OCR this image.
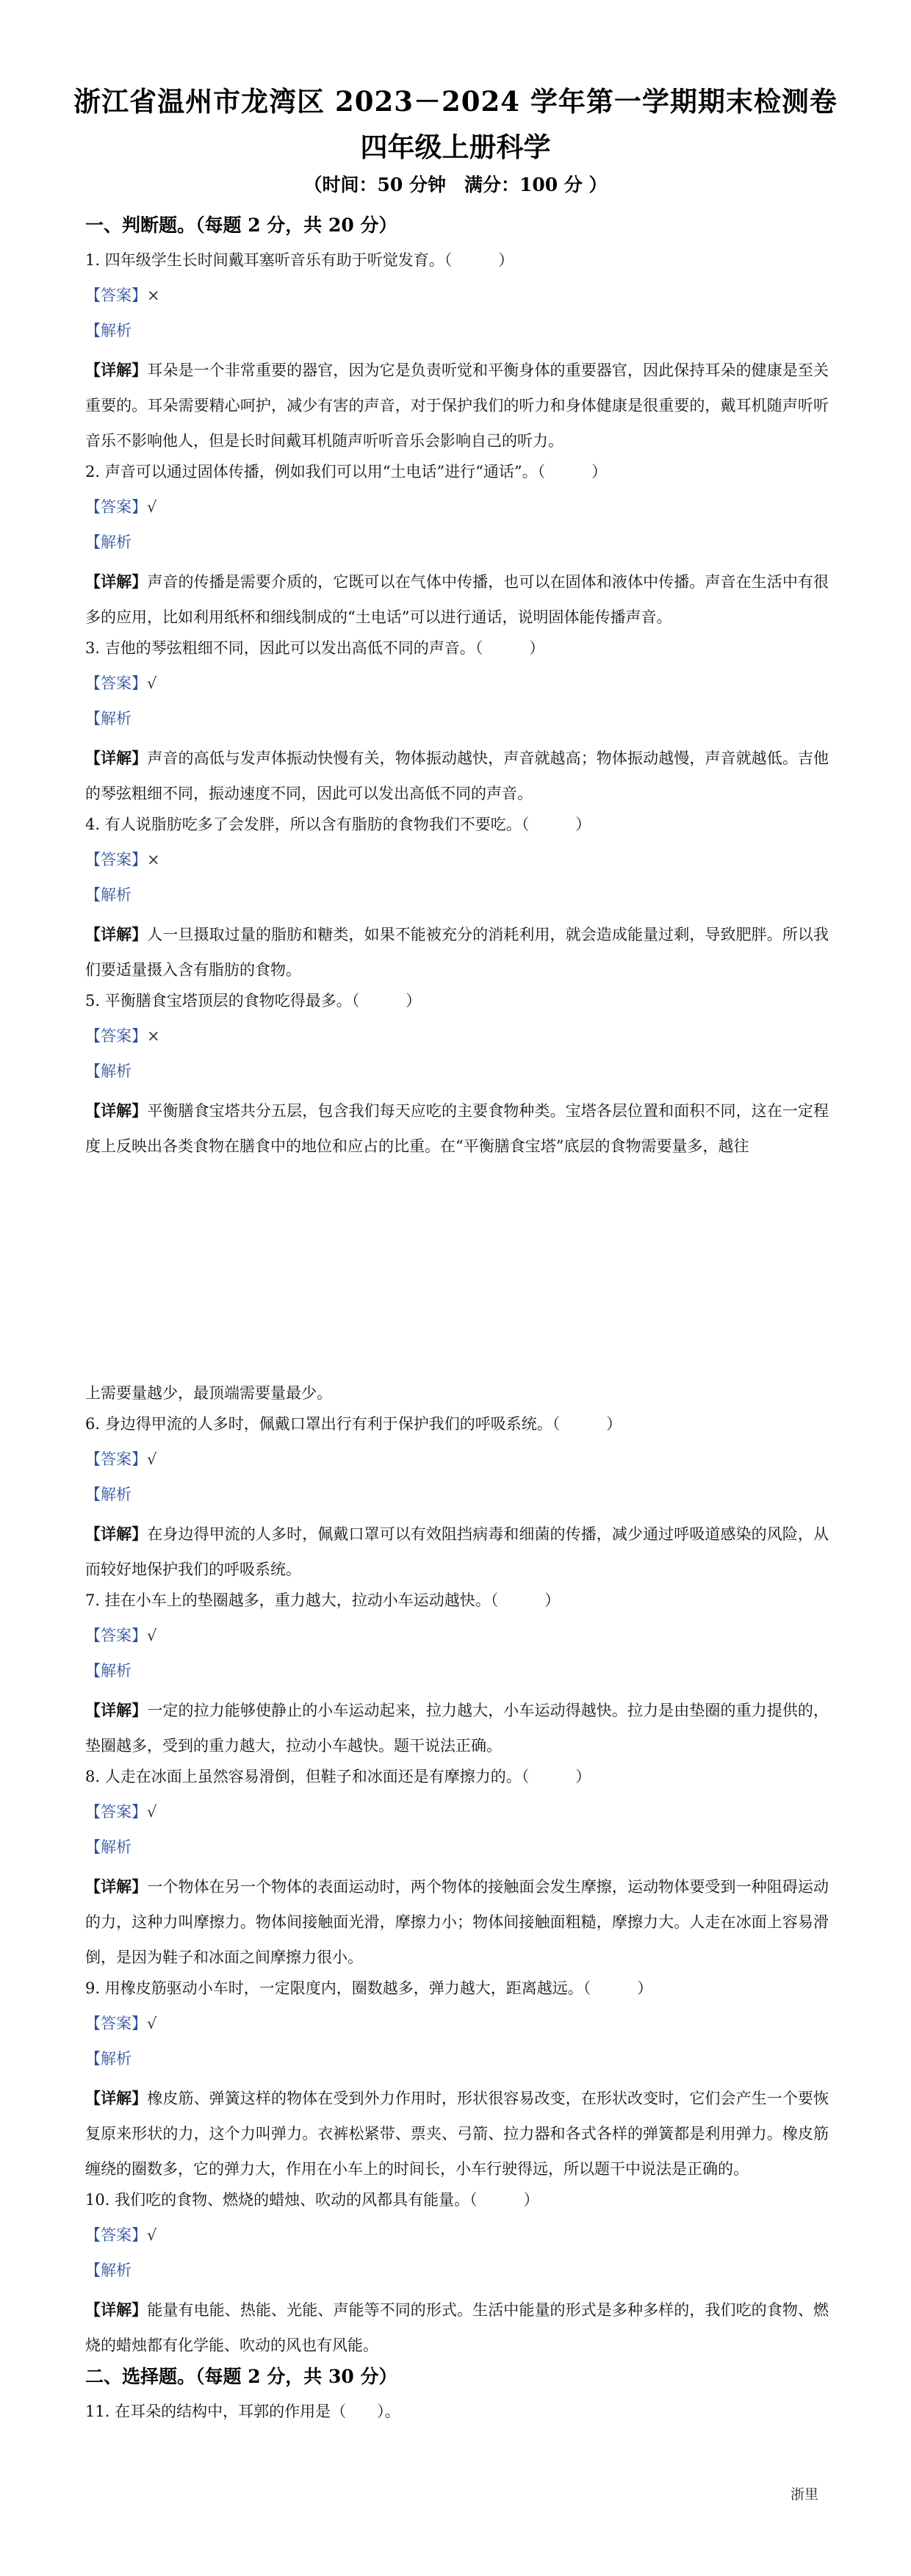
浙江省温州市龙湾区 2023－2024 学年第一学期期末检测卷
四年级上册科学
（时间：50 分钟　满分：100 分 ）
一、判断题。（每题 2 分，共 20 分）
1. 四年级学生长时间戴耳塞听音乐有助于听觉发育。（　　　）
【答案】×
【解析
【详解】耳朵是一个非常重要的器官，因为它是负责听觉和平衡身体的重要器官，因此保持耳朵的健康是至关重要的。耳朵需要精心呵护，减少有害的声音，对于保护我们的听力和身体健康是很重要的，戴耳机随声听听音乐不影响他人，但是长时间戴耳机随声听听音乐会影响自己的听力。
2. 声音可以通过固体传播，例如我们可以用“土电话”进行“通话”。（　　　）
【答案】√
【解析
【详解】声音的传播是需要介质的，它既可以在气体中传播，也可以在固体和液体中传播。声音在生活中有很多的应用，比如利用纸杯和细线制成的“土电话”可以进行通话，说明固体能传播声音。
3. 吉他的琴弦粗细不同，因此可以发出高低不同的声音。（　　　）
【答案】√
【解析
【详解】声音的高低与发声体振动快慢有关，物体振动越快，声音就越高；物体振动越慢，声音就越低。吉他的琴弦粗细不同，振动速度不同，因此可以发出高低不同的声音。
4. 有人说脂肪吃多了会发胖，所以含有脂肪的食物我们不要吃。（　　　）
【答案】×
【解析
【详解】人一旦摄取过量的脂肪和糖类，如果不能被充分的消耗利用，就会造成能量过剩，导致肥胖。所以我们要适量摄入含有脂肪的食物。
5. 平衡膳食宝塔顶层的食物吃得最多。（　　　）
【答案】×
【解析
【详解】平衡膳食宝塔共分五层，包含我们每天应吃的主要食物种类。宝塔各层位置和面积不同，这在一定程度上反映出各类食物在膳食中的地位和应占的比重。在“平衡膳食宝塔”底层的食物需要量多，越往
上需要量越少，最顶端需要量最少。
6. 身边得甲流的人多时，佩戴口罩出行有利于保护我们的呼吸系统。（　　　）
【答案】√
【解析
【详解】在身边得甲流的人多时，佩戴口罩可以有效阻挡病毒和细菌的传播，减少通过呼吸道感染的风险，从而较好地保护我们的呼吸系统。
7. 挂在小车上的垫圈越多，重力越大，拉动小车运动越快。（　　　）
【答案】√
【解析
【详解】一定的拉力能够使静止的小车运动起来，拉力越大，小车运动得越快。拉力是由垫圈的重力提供的，垫圈越多，受到的重力越大，拉动小车越快。题干说法正确。
8. 人走在冰面上虽然容易滑倒，但鞋子和冰面还是有摩擦力的。（　　　）
【答案】√
【解析
【详解】一个物体在另一个物体的表面运动时，两个物体的接触面会发生摩擦，运动物体要受到一种阻碍运动的力，这种力叫摩擦力。物体间接触面光滑，摩擦力小；物体间接触面粗糙，摩擦力大。人走在冰面上容易滑倒，是因为鞋子和冰面之间摩擦力很小。
9. 用橡皮筋驱动小车时，一定限度内，圈数越多，弹力越大，距离越远。（　　　）
【答案】√
【解析
【详解】橡皮筋、弹簧这样的物体在受到外力作用时，形状很容易改变，在形状改变时，它们会产生一个要恢复原来形状的力，这个力叫弹力。衣裤松紧带、票夹、弓箭、拉力器和各式各样的弹簧都是利用弹力。橡皮筋缠绕的圈数多，它的弹力大，作用在小车上的时间长，小车行驶得远，所以题干中说法是正确的。
10. 我们吃的食物、燃烧的蜡烛、吹动的风都具有能量。（　　　）
【答案】√
【解析
【详解】能量有电能、热能、光能、声能等不同的形式。生活中能量的形式是多种多样的，我们吃的食物、燃烧的蜡烛都有化学能、吹动的风也有风能。
二、选择题。（每题 2 分，共 30 分）
11. 在耳朵的结构中，耳郭的作用是（　　）。
浙里
